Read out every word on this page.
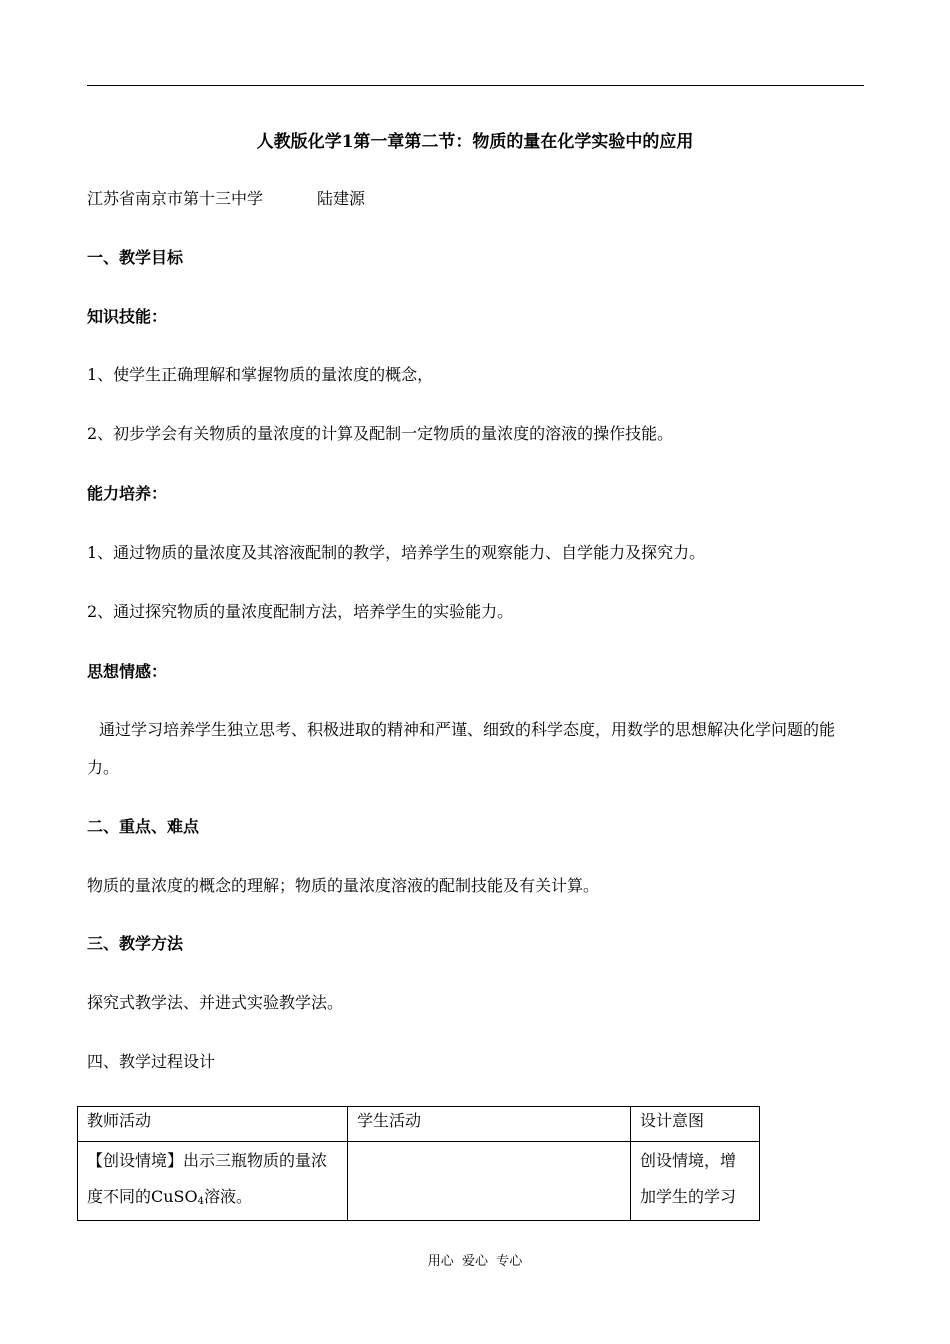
人教版化学1第一章第二节：物质的量在化学实验中的应用
江苏省南京市第十三中学	陆建源
一、教学目标
知识技能：
1、使学生正确理解和掌握物质的量浓度的概念，
2、初步学会有关物质的量浓度的计算及配制一定物质的量浓度的溶液的操作技能。
能力培养：
1、通过物质的量浓度及其溶液配制的教学，培养学生的观察能力、自学能力及探究力。
2、通过探究物质的量浓度配制方法，培养学生的实验能力。
思想情感：
通过学习培养学生独立思考、积极进取的精神和严谨、细致的科学态度，用数学的思想解决化学问题的能力。
二、重点、难点
物质的量浓度的概念的理解；物质的量浓度溶液的配制技能及有关计算。
三、教学方法
探究式教学法、并进式实验教学法。
四、教学过程设计
教师活动	学生活动	设计意图
【创设情境】出示三瓶物质的量浓度不同的CuSO$_4$溶液。		创设情境，增加学生的学习
用心  爱心  专心
